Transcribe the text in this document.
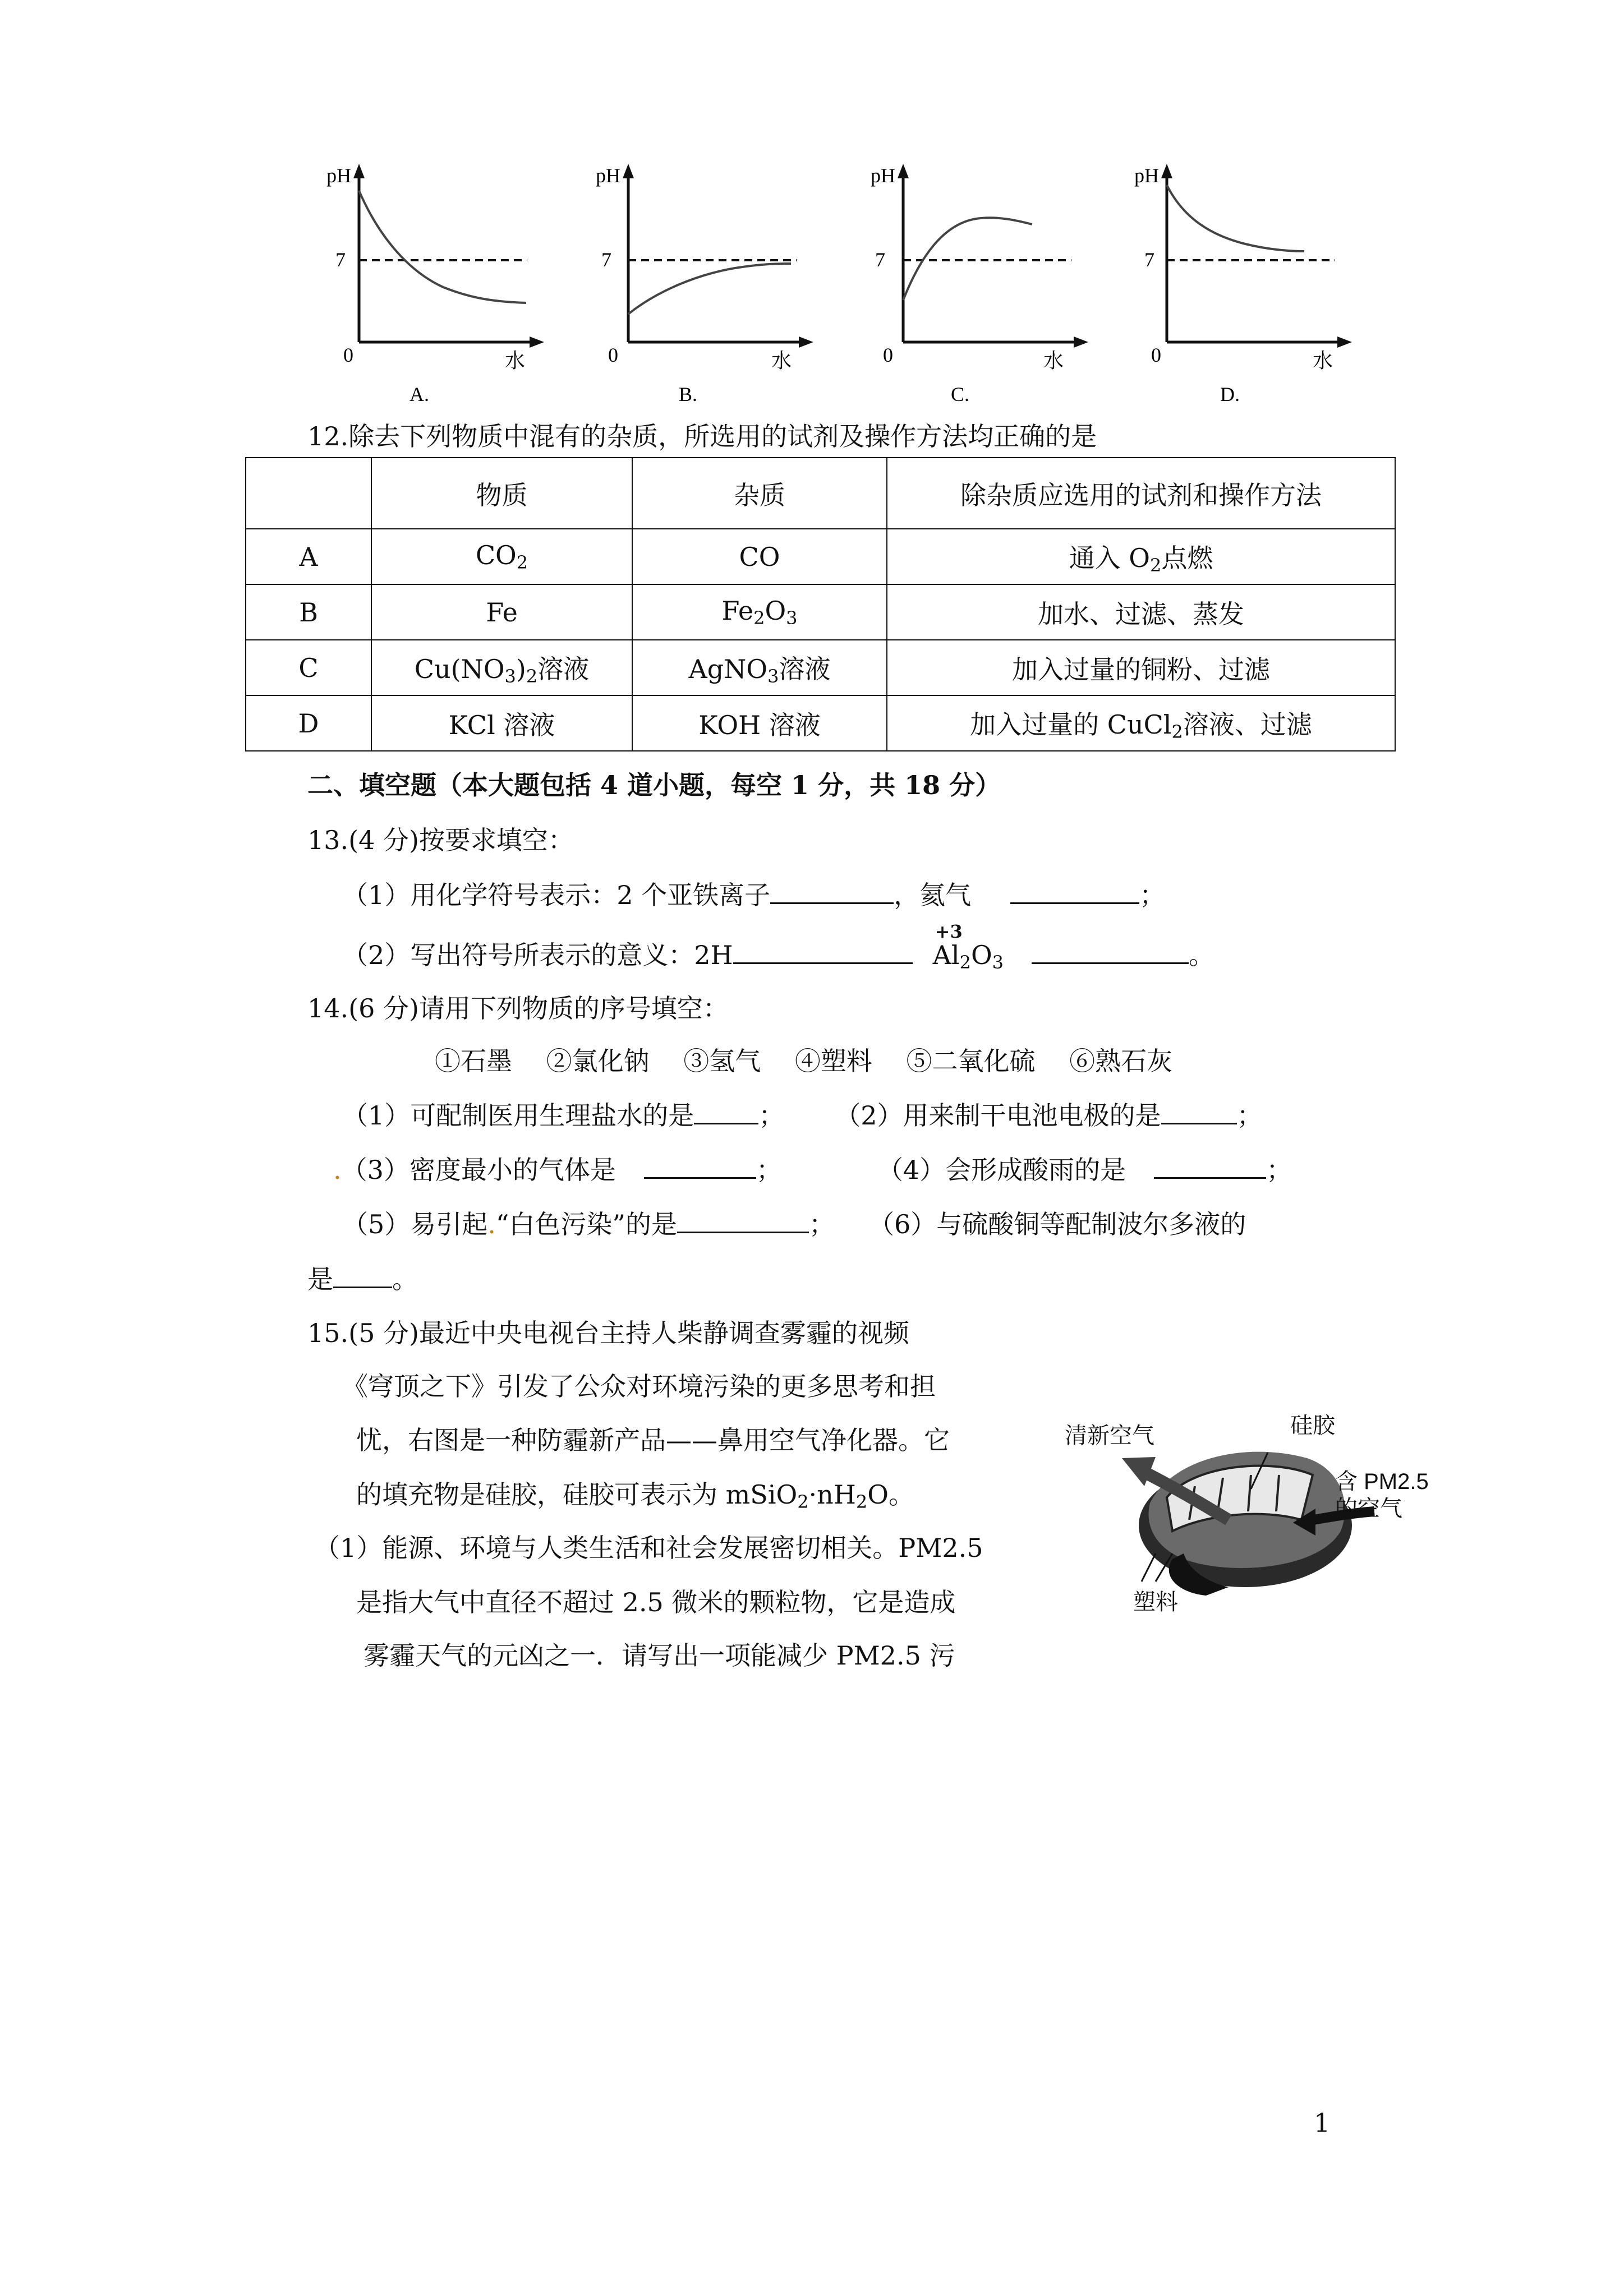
pH
7
0	水
A.
pH
7
0	水
B.
pH
7
0	水
C.
pH
7
0	水
D.
12.除去下列物质中混有的杂质，所选用的试剂及操作方法均正确的是
	物质	杂质	除杂质应选用的试剂和操作方法
A	$CO_2$	CO	通入 $O_2$点燃
B	Fe	$Fe_2O_3$	加水、过滤、蒸发
C	$Cu(NO_3)_2$溶液	AgNO$_3$溶液	加入过量的铜粉、过滤
D	KCl 溶液	KOH 溶液	加入过量的 CuCl$_2$溶液、过滤
二、填空题（本大题包括 4 道小题，每空 1 分，共 18 分）
13.(4 分)按要求填空：
（1）用化学符号表示：2 个亚铁离子	，氦气	；
（2）写出符号所表示的意义：2H
+3
$Al_2O_3$	。
14.(6 分)请用下列物质的序号填空：
①石墨　 ②氯化钠　 ③氢气　 ④塑料　 ⑤二氧化硫　 ⑥熟石灰
（1）可配制医用生理盐水的是	； （2）用来制干电池电极的是	；
.（3）密度最小的气体是	；	（4）会形成酸雨的是	；
（5）易引起.“白色污染”的是	； （6）与硫酸铜等配制波尔多液的
是 。
15.(5 分)最近中央电视台主持人柴静调查雾霾的视频
《穹顶之下》引发了公众对环境污染的更多思考和担
忧，右图是一种防霾新产品——鼻用空气净化器。它
的填充物是硅胶，硅胶可表示为 $mSiO_2\cdot nH_2O$。
（1）能源、环境与人类生活和社会发展密切相关。PM2.5
是指大气中直径不超过 2.5 微米的颗粒物，它是造成
雾霾天气的元凶之一．请写出一项能减少 PM2.5 污
清新空气	硅胶
含 PM2.5
的空气
塑料
1
